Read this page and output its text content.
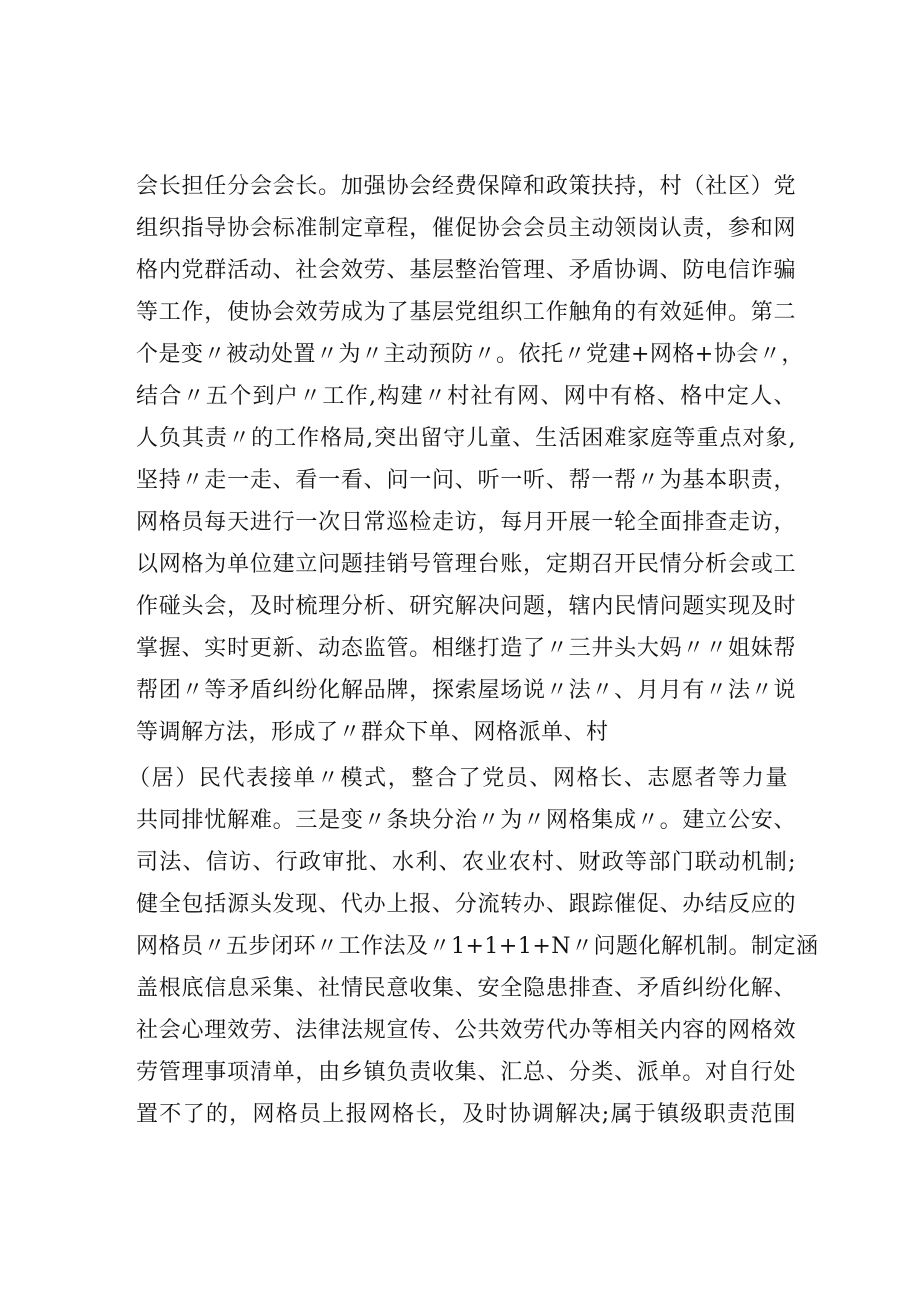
会长担任分会会长。加强协会经费保障和政策扶持，村（社区）党
组织指导协会标准制定章程，催促协会会员主动领岗认责，参和网
格内党群活动、社会效劳、基层整治管理、矛盾协调、防电信诈骗
等工作，使协会效劳成为了基层党组织工作触角的有效延伸。第二
个是变〃被动处置〃为〃主动预防〃。依托〃党建+网格+协会〃，
结合〃五个到户〃工作,构建〃村社有网、网中有格、格中定人、
人负其责〃的工作格局,突出留守儿童、生活困难家庭等重点对象,
坚持〃走一走、看一看、问一问、听一听、帮一帮〃为基本职责，
网格员每天进行一次日常巡检走访，每月开展一轮全面排查走访，
以网格为单位建立问题挂销号管理台账，定期召开民情分析会或工
作碰头会，及时梳理分析、研究解决问题，辖内民情问题实现及时
掌握、实时更新、动态监管。相继打造了〃三井头大妈〃〃姐妹帮
帮团〃等矛盾纠纷化解品牌，探索屋场说〃法〃、月月有〃法〃说
等调解方法，形成了〃群众下单、网格派单、村
（居）民代表接单〃模式，整合了党员、网格长、志愿者等力量
共同排忧解难。三是变〃条块分治〃为〃网格集成〃。建立公安、
司法、信访、行政审批、水利、农业农村、财政等部门联动机制;
健全包括源头发现、代办上报、分流转办、跟踪催促、办结反应的
网格员〃五步闭环〃工作法及〃1+1+1+N〃问题化解机制。制定涵
盖根底信息采集、社情民意收集、安全隐患排查、矛盾纠纷化解、
社会心理效劳、法律法规宣传、公共效劳代办等相关内容的网格效
劳管理事项清单，由乡镇负责收集、汇总、分类、派单。对自行处
置不了的，网格员上报网格长，及时协调解决;属于镇级职责范围
